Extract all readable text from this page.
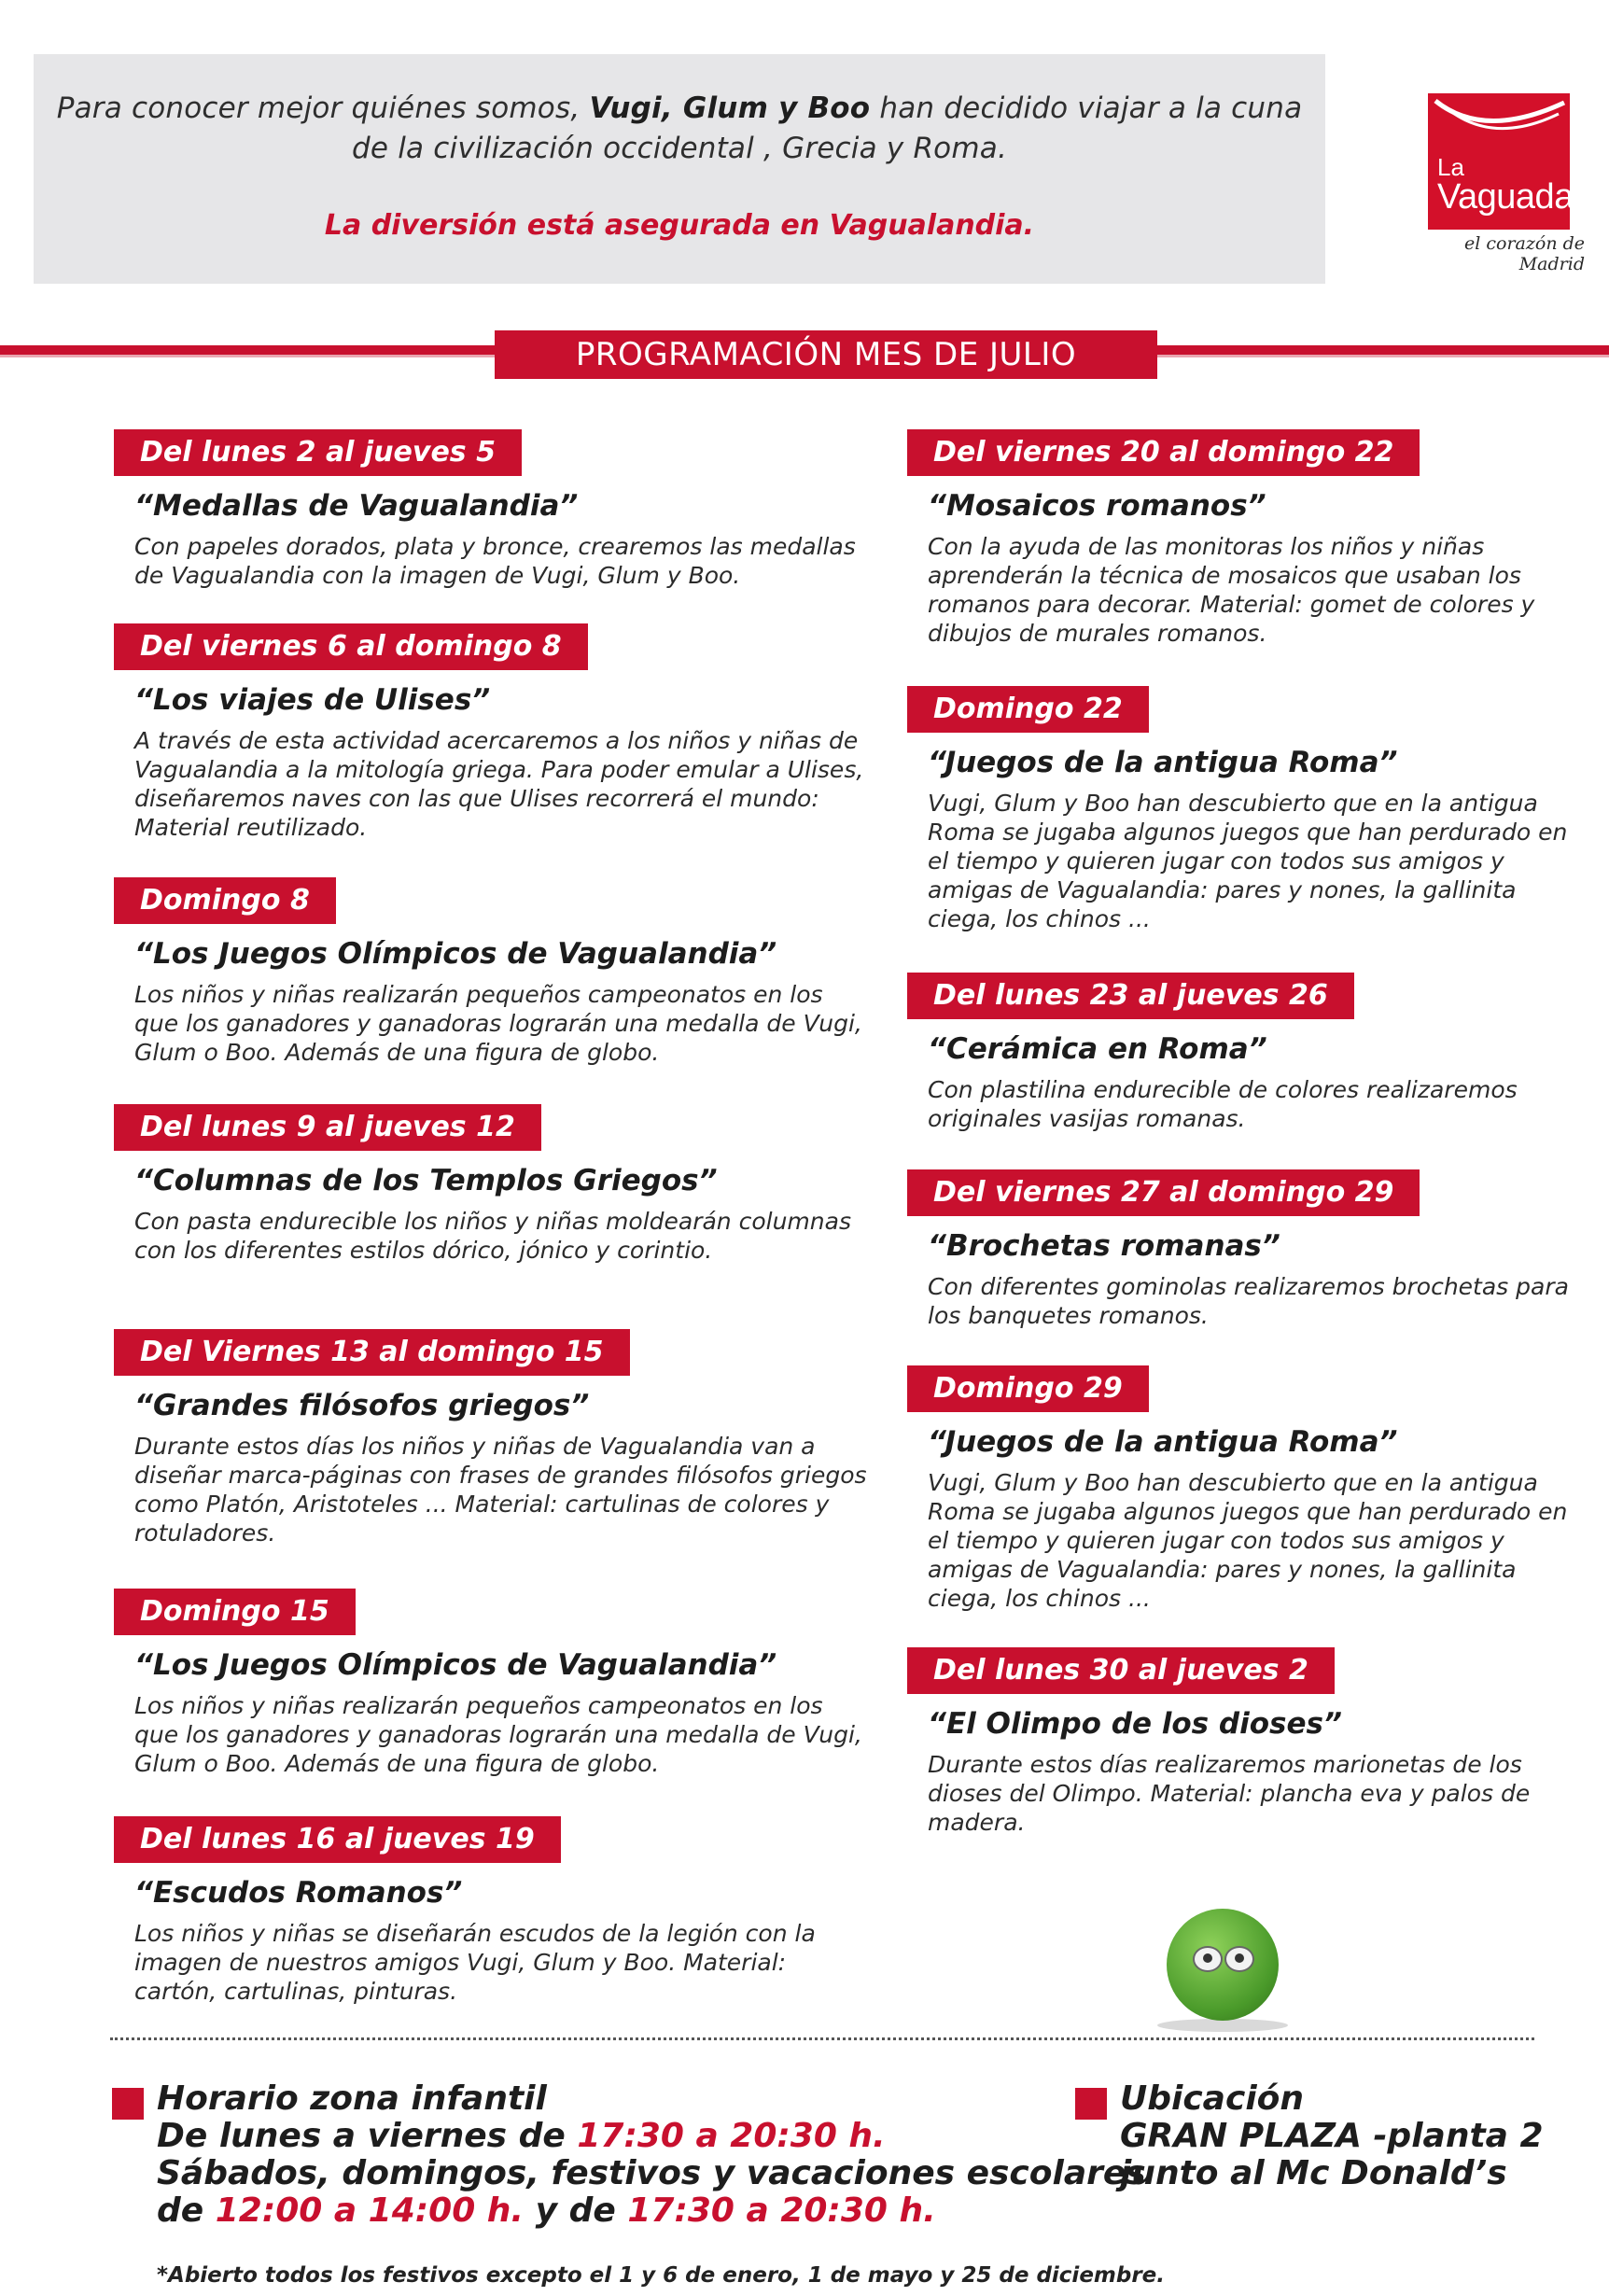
Para conocer mejor quiénes somos, Vugi, Glum y Boo han decidido viajar a la cuna
de la civilización occidental , Grecia y Roma.
La diversión está asegurada en Vagualandia.
La
Vaguada
el corazón de Madrid
PROGRAMACIÓN MES DE JULIO
Del lunes 2 al jueves 5
“Medallas de Vagualandia”
Con papeles dorados, plata y bronce, crearemos las medallas de Vagualandia con la imagen de Vugi, Glum y Boo.
Del viernes 6 al domingo 8
“Los viajes de Ulises”
A través de esta actividad acercaremos a los niños y niñas de Vagualandia a la mitología griega. Para poder emular a Ulises, diseñaremos naves con las que Ulises recorrerá el mundo: Material reutilizado.
Domingo 8
“Los Juegos Olímpicos de Vagualandia”
Los niños y niñas realizarán pequeños campeonatos en los que los ganadores y ganadoras lograrán una medalla de Vugi, Glum o Boo. Además de una figura de globo.
Del lunes 9 al jueves 12
“Columnas de los Templos Griegos”
Con pasta endurecible los niños y niñas moldearán columnas con los diferentes estilos dórico, jónico y corintio.
Del Viernes 13 al domingo 15
“Grandes filósofos griegos”
Durante estos días los niños y niñas de Vagualandia van a diseñar marca-páginas con frases de grandes filósofos griegos como Platón, Aristoteles ... Material: cartulinas de colores y rotuladores.
Domingo 15
“Los Juegos Olímpicos de Vagualandia”
Los niños y niñas realizarán pequeños campeonatos en los que los ganadores y ganadoras lograrán una medalla de Vugi, Glum o Boo. Además de una figura de globo.
Del lunes 16 al jueves 19
“Escudos Romanos”
Los niños y niñas se diseñarán escudos de la legión con la imagen de nuestros amigos Vugi, Glum y Boo. Material: cartón, cartulinas, pinturas.
Del viernes 20 al domingo 22
“Mosaicos romanos”
Con la ayuda de las monitoras los niños y niñas aprenderán la técnica de mosaicos que usaban los romanos para decorar. Material: gomet de colores y dibujos de murales romanos.
Domingo 22
“Juegos de la antigua Roma”
Vugi, Glum y Boo han descubierto que en la antigua Roma se jugaba algunos juegos que han perdurado en el tiempo y quieren jugar con todos sus amigos y amigas de Vagualandia: pares y nones, la gallinita ciega, los chinos ...
Del lunes 23 al jueves 26
“Cerámica en Roma”
Con plastilina endurecible de colores realizaremos originales vasijas romanas.
Del viernes 27 al domingo 29
“Brochetas romanas”
Con diferentes gominolas realizaremos brochetas para los banquetes romanos.
Domingo 29
“Juegos de la antigua Roma”
Vugi, Glum y Boo han descubierto que en la antigua Roma se jugaba algunos juegos que han perdurado en el tiempo y quieren jugar con todos sus amigos y amigas de Vagualandia: pares y nones, la gallinita ciega, los chinos ...
Del lunes 30 al jueves 2
“El Olimpo de los dioses”
Durante estos días realizaremos marionetas de los dioses del Olimpo. Material: plancha eva y palos de madera.
Horario zona infantil
De lunes a viernes de 17:30 a 20:30 h.
Sábados, domingos, festivos y vacaciones escolares
de 12:00 a 14:00 h. y de 17:30 a 20:30 h.
Ubicación
GRAN PLAZA -planta 2
junto al Mc Donald’s
*Abierto todos los festivos excepto el 1 y 6 de enero, 1 de mayo y 25 de diciembre.
